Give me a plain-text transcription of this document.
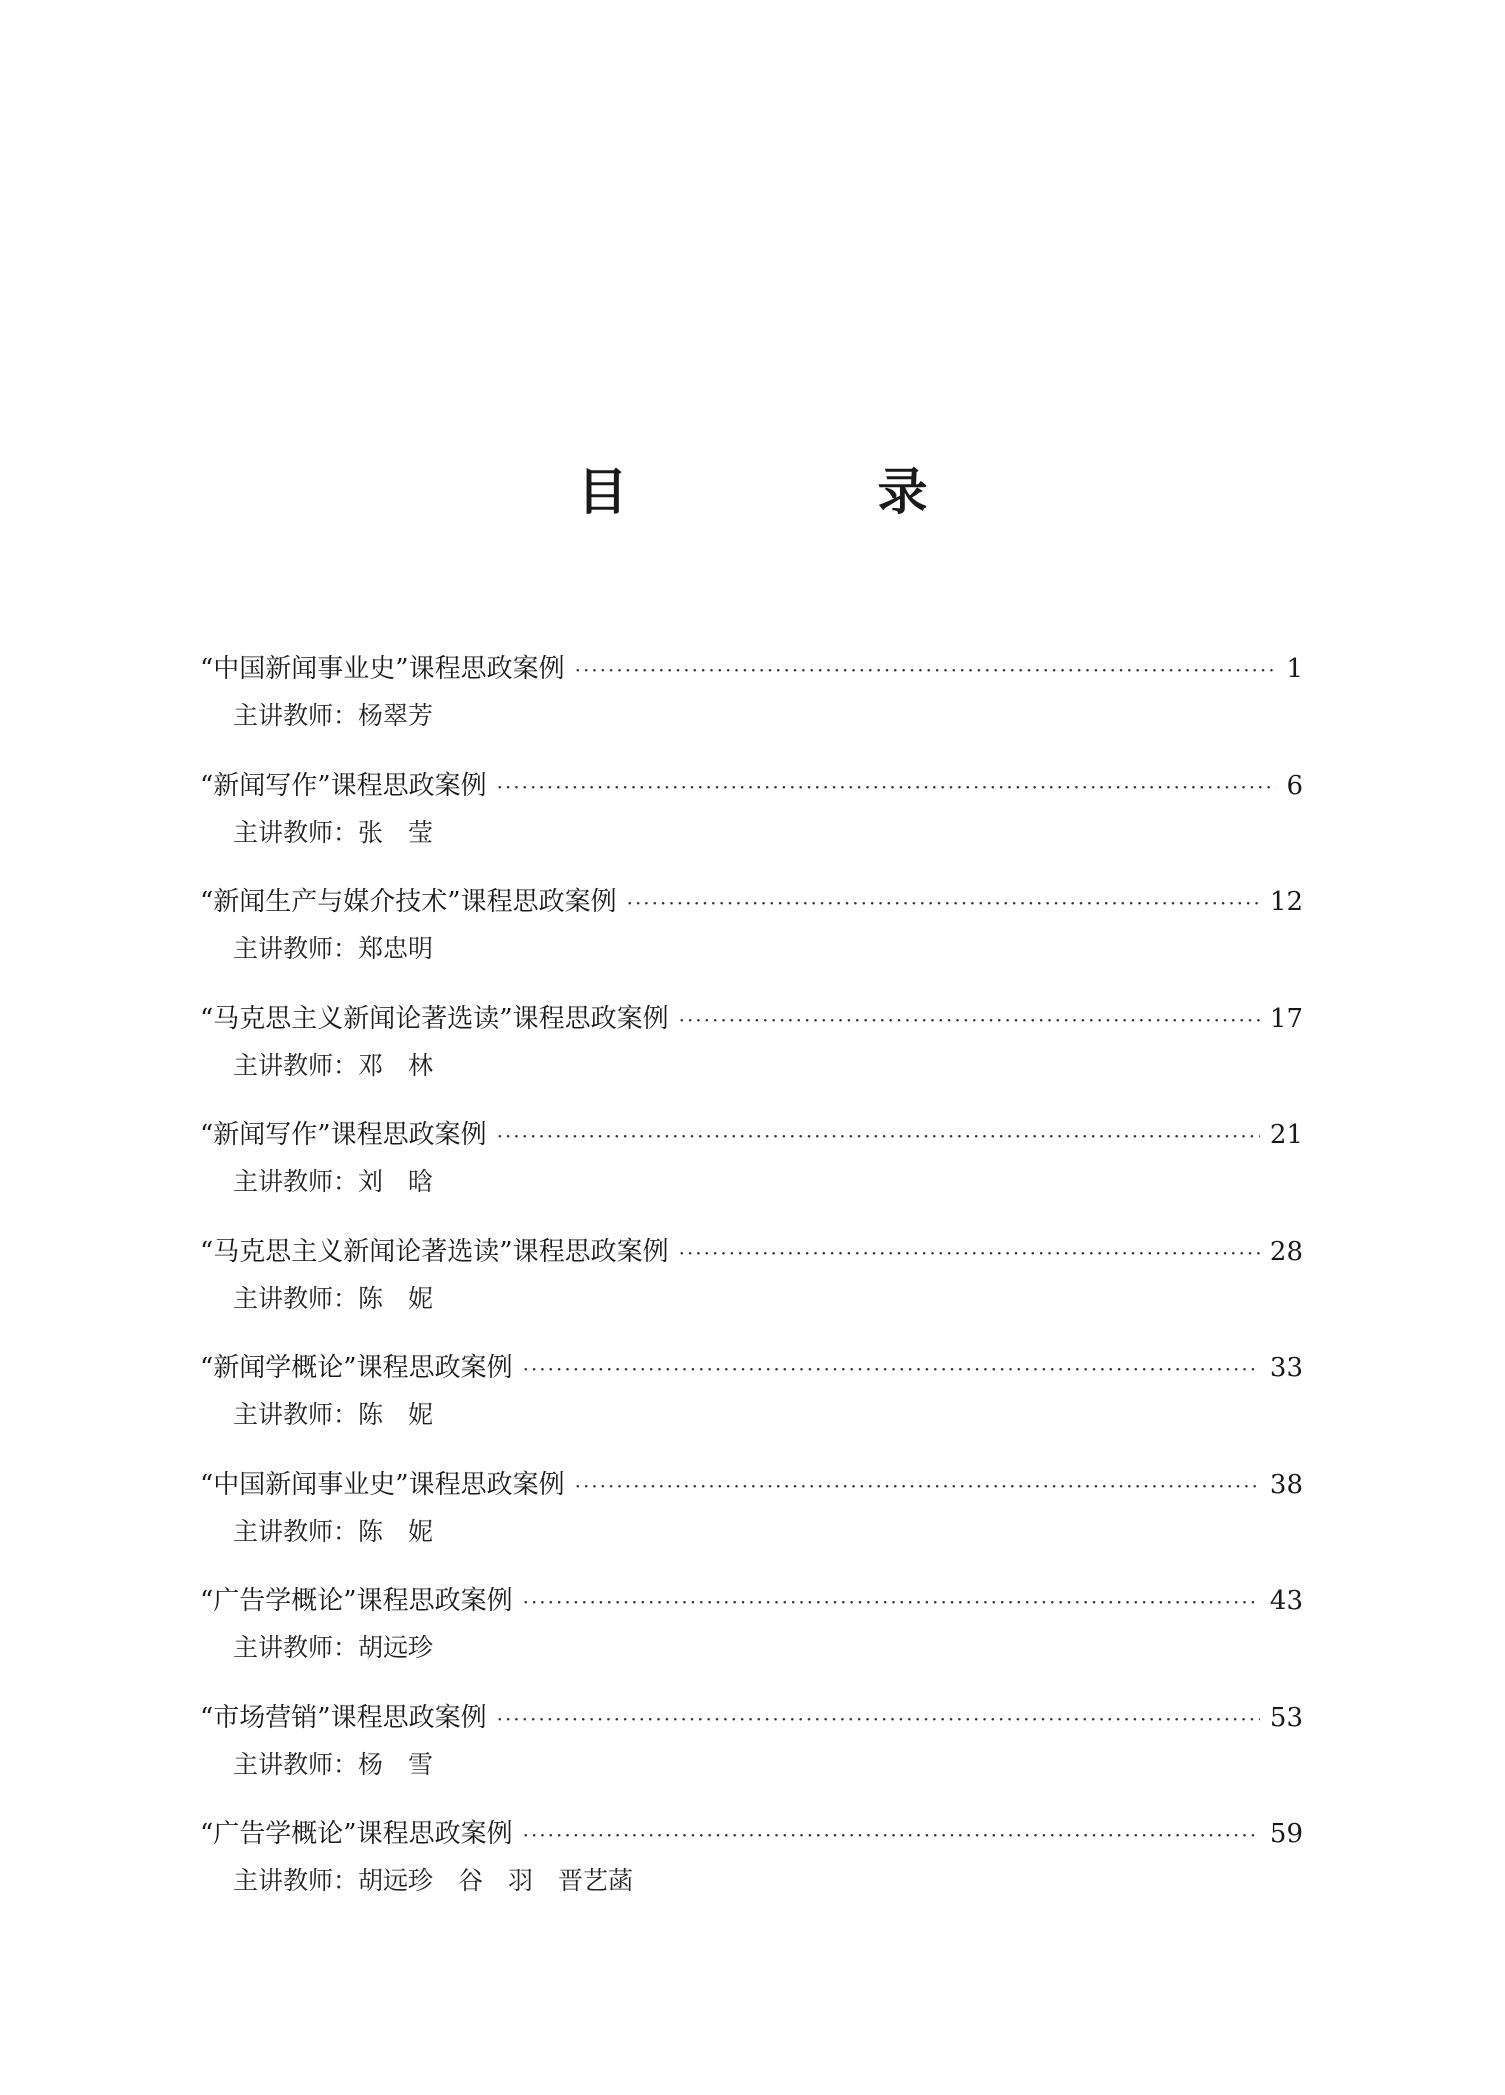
目　录
“中国新闻事业史”课程思政案例 ·····	1
主讲教师：杨翠芳
“新闻写作”课程思政案例 ·····	6
主讲教师：张　莹
“新闻生产与媒介技术”课程思政案例 ·····	12
主讲教师：郑忠明
“马克思主义新闻论著选读”课程思政案例 ·····	17
主讲教师：邓　林
“新闻写作”课程思政案例 ·····	21
主讲教师：刘　晗
“马克思主义新闻论著选读”课程思政案例 ·····	28
主讲教师：陈　妮
“新闻学概论”课程思政案例 ·····	33
主讲教师：陈　妮
“中国新闻事业史”课程思政案例 ·····	38
主讲教师：陈　妮
“广告学概论”课程思政案例 ·····	43
主讲教师：胡远珍
“市场营销”课程思政案例 ·····	53
主讲教师：杨　雪
“广告学概论”课程思政案例 ·····	59
主讲教师：胡远珍　谷　羽　晋艺菡
